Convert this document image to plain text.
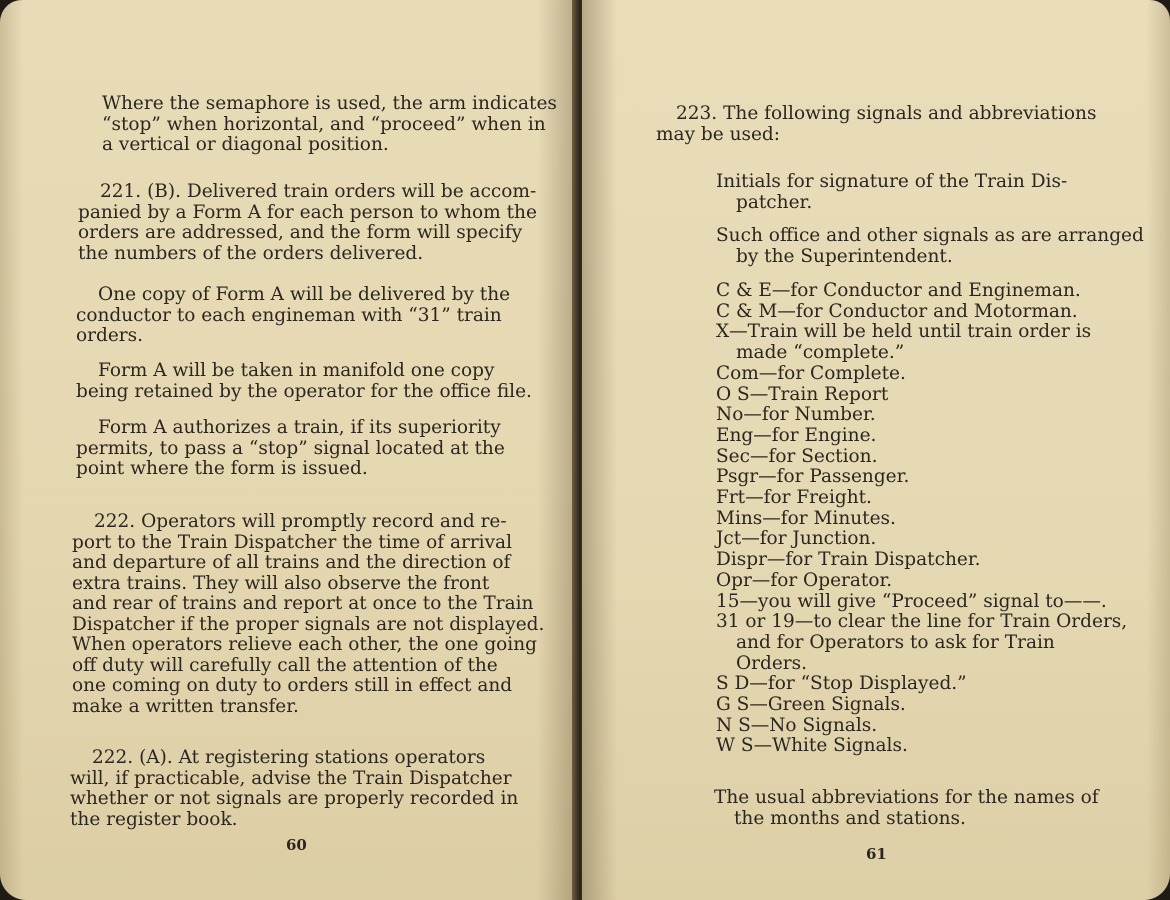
Where the semaphore is used, the arm indicates
“stop” when horizontal, and “proceed” when in
a vertical or diagonal position.

221. (B). Delivered train orders will be accom-
panied by a Form A for each person to whom the
orders are addressed, and the form will specify
the numbers of the orders delivered.

One copy of Form A will be delivered by the
conductor to each engineman with “31” train
orders.

Form A will be taken in manifold one copy
being retained by the operator for the office file.

Form A authorizes a train, if its superiority
permits, to pass a “stop” signal located at the
point where the form is issued.

222. Operators will promptly record and re-
port to the Train Dispatcher the time of arrival
and departure of all trains and the direction of
extra trains. They will also observe the front
and rear of trains and report at once to the Train
Dispatcher if the proper signals are not displayed.
When operators relieve each other, the one going
off duty will carefully call the attention of the
one coming on duty to orders still in effect and
make a written transfer.

222. (A). At registering stations operators
will, if practicable, advise the Train Dispatcher
whether or not signals are properly recorded in
the register book.

60

223. The following signals and abbreviations
may be used:

Initials for signature of the Train Dis-
patcher.

Such office and other signals as are arranged
by the Superintendent.

C & E—for Conductor and Engineman.
C & M—for Conductor and Motorman.
X—Train will be held until train order is
made “complete.”
Com—for Complete.
O S—Train Report
No—for Number.
Eng—for Engine.
Sec—for Section.
Psgr—for Passenger.
Frt—for Freight.
Mins—for Minutes.
Jct—for Junction.
Dispr—for Train Dispatcher.
Opr—for Operator.
15—you will give “Proceed” signal to——.
31 or 19—to clear the line for Train Orders,
and for Operators to ask for Train
Orders.
S D—for “Stop Displayed.”
G S—Green Signals.
N S—No Signals.
W S—White Signals.

The usual abbreviations for the names of
the months and stations.

61
